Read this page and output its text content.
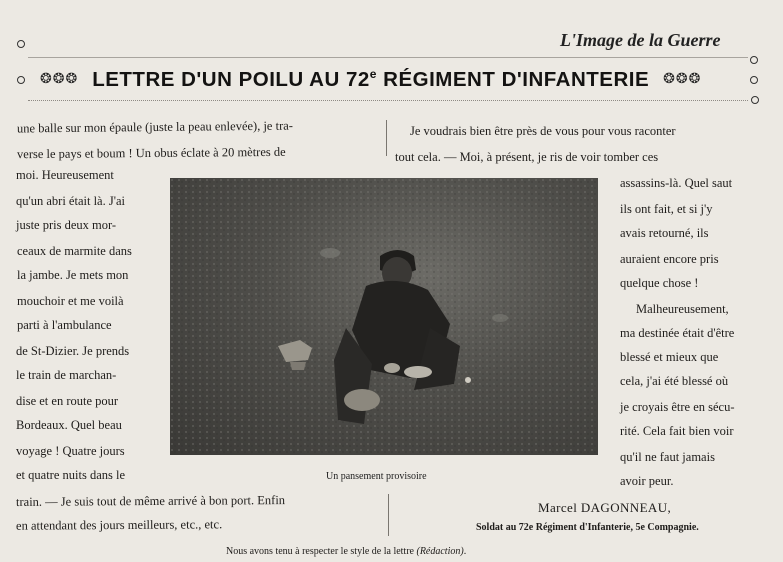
L'Image de la Guerre
❂❂❂ LETTRE D'UN POILU AU 72e RÉGIMENT D'INFANTERIE ❂❂❂
une balle sur mon épaule (juste la peau enlevée), je tra-
verse le pays et boum ! Un obus éclate à 20 mètres de
moi. Heureusement
qu'un abri était là. J'ai
juste pris deux mor-
ceaux de marmite dans
la jambe. Je mets mon
mouchoir et me voilà
parti à l'ambulance
de St-Dizier. Je prends
le train de marchan-
dise et en route pour
Bordeaux. Quel beau
voyage ! Quatre jours
et quatre nuits dans le
train. — Je suis tout de même arrivé à bon port. Enfin
en attendant des jours meilleurs, etc., etc.
Je voudrais bien être près de vous pour vous raconter
tout cela. — Moi, à présent, je ris de voir tomber ces
assassins-là. Quel saut
ils ont fait, et si j'y
avais retourné, ils
auraient encore pris
quelque chose !
Malheureusement,
ma destinée était d'être
blessé et mieux que
cela, j'ai été blessé où
je croyais être en sécu-
rité. Cela fait bien voir
qu'il ne faut jamais
avoir peur.
Un pansement provisoire
Marcel DAGONNEAU,
Soldat au 72e Régiment d'Infanterie, 5e Compagnie.
Nous avons tenu à respecter le style de la lettre (Rédaction).
